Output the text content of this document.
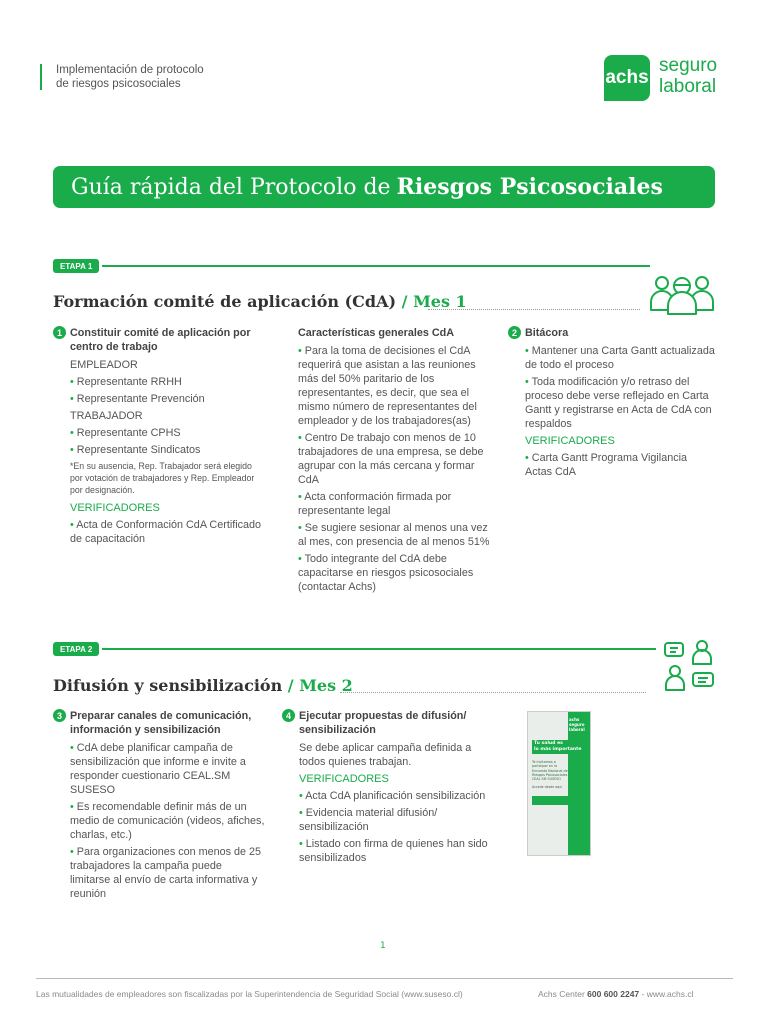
Implementación de protocolo
de riesgos psicosociales	achs
seguro
laboral
Guía rápida del Protocolo de Riesgos Psicosociales
ETAPA 1
Formación comité de aplicación (CdA) / Mes 1
1 Constituir comité de aplicación por centro de trabajo

EMPLEADOR

• Representante RRHH

• Representante Prevención

TRABAJADOR

• Representante CPHS

• Representante Sindicatos

*En su ausencia, Rep. Trabajador será elegido por votación de trabajadores y Rep. Empleador por designación.

VERIFICADORES

• Acta de Conformación CdA Certificado de capacitación

Características generales CdA

• Para la toma de decisiones el CdA requerirá que asistan a las reuniones más del 50% paritario de los representantes, es decir, que sea el mismo número de representantes del empleador y de los trabajadores(as)

• Centro De trabajo con menos de 10 trabajadores de una empresa, se debe agrupar con la más cercana y formar CdA

• Acta conformación firmada por representante legal

• Se sugiere sesionar al menos una vez al mes, con presencia de al menos 51%

• Todo integrante del CdA debe capacitarse en riesgos psicosociales (contactar Achs)

2 Bitácora

• Mantener una Carta Gantt actualizada de todo el proceso

• Toda modificación y/o retraso del proceso debe verse reflejado en Carta Gantt y registrarse en Acta de CdA con respaldos

VERIFICADORES

• Carta Gantt Programa Vigilancia Actas CdA

ETAPA 2
Difusión y sensibilización / Mes 2
3 Preparar canales de comunicación, información y sensibilización

• CdA debe planificar campaña de sensibilización que informe e invite a responder cuestionario CEAL.SM SUSESO

• Es recomendable definir más de un medio de comunicación (videos, afiches, charlas, etc.)

• Para organizaciones con menos de 25 trabajadores la campaña puede limitarse al envío de carta informativa y reunión

4 Ejecutar propuestas de difusión/ sensibilización

Se debe aplicar campaña definida a todos quienes trabajan.

VERIFICADORES

• Acta CdA planificación sensibilización

• Evidencia material difusión/ sensibilización

• Listado con firma de quienes han sido sensibilizados

achs seguro laboral
Tu salud es
lo más importante
Te invitamos a participar en la Encuesta Nacional de Riesgos Psicosociales CEAL SM SUSESO
Accede desde aquí
1
Las mutualidades de empleadores son fiscalizadas por la Superintendencia de Seguridad Social (www.suseso.cl)	Achs Center 600 600 2247 - www.achs.cl
